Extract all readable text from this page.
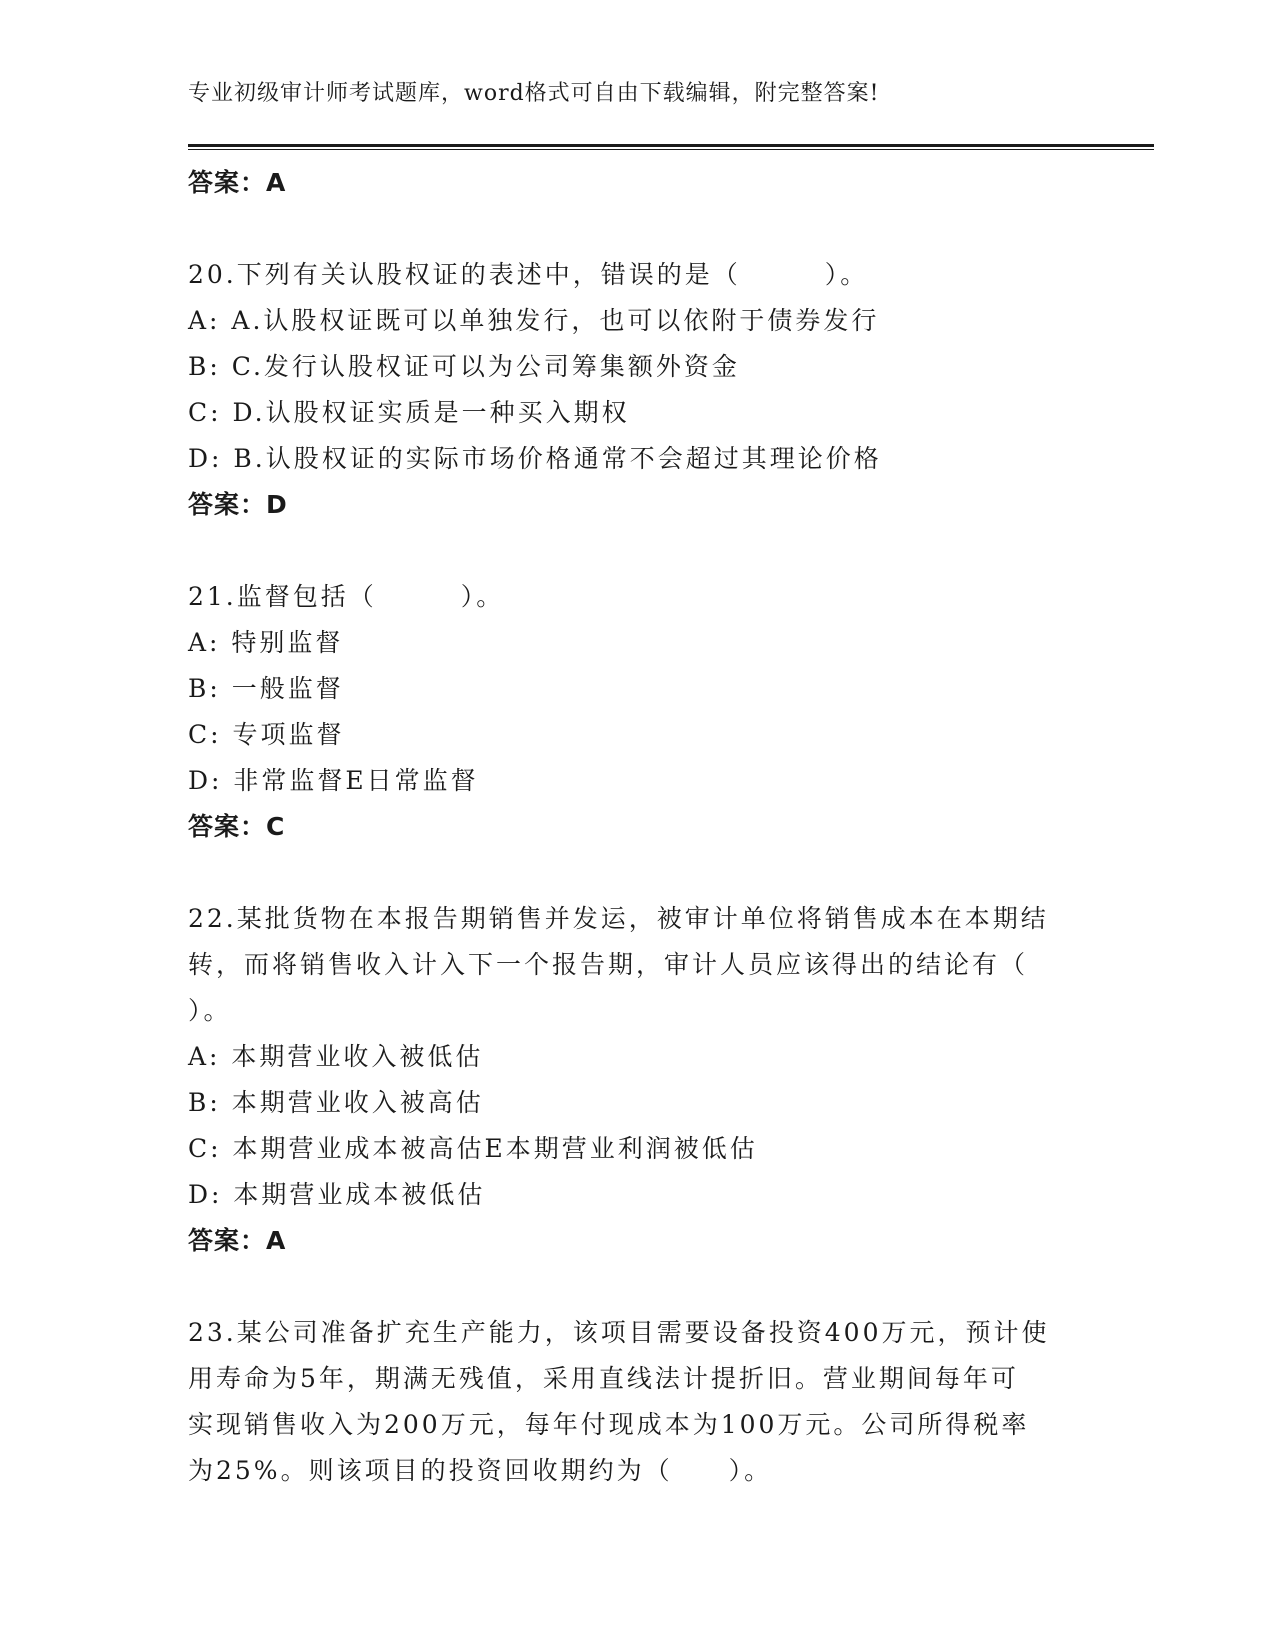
专业初级审计师考试题库，word格式可自由下载编辑，附完整答案!
答案：A
20.下列有关认股权证的表述中，错误的是（　　　）。
A: A.认股权证既可以单独发行，也可以依附于债券发行
B: C.发行认股权证可以为公司筹集额外资金
C: D.认股权证实质是一种买入期权
D: B.认股权证的实际市场价格通常不会超过其理论价格
答案：D
21.监督包括（　　　）。
A: 特别监督
B: 一般监督
C: 专项监督
D: 非常监督E日常监督
答案：C
22.某批货物在本报告期销售并发运，被审计单位将销售成本在本期结
转，而将销售收入计入下一个报告期，审计人员应该得出的结论有（
）。
A: 本期营业收入被低估
B: 本期营业收入被高估
C: 本期营业成本被高估E本期营业利润被低估
D: 本期营业成本被低估
答案：A
23.某公司准备扩充生产能力，该项目需要设备投资400万元，预计使
用寿命为5年，期满无残值，采用直线法计提折旧。营业期间每年可
实现销售收入为200万元，每年付现成本为100万元。公司所得税率
为25%。则该项目的投资回收期约为（　　）。
